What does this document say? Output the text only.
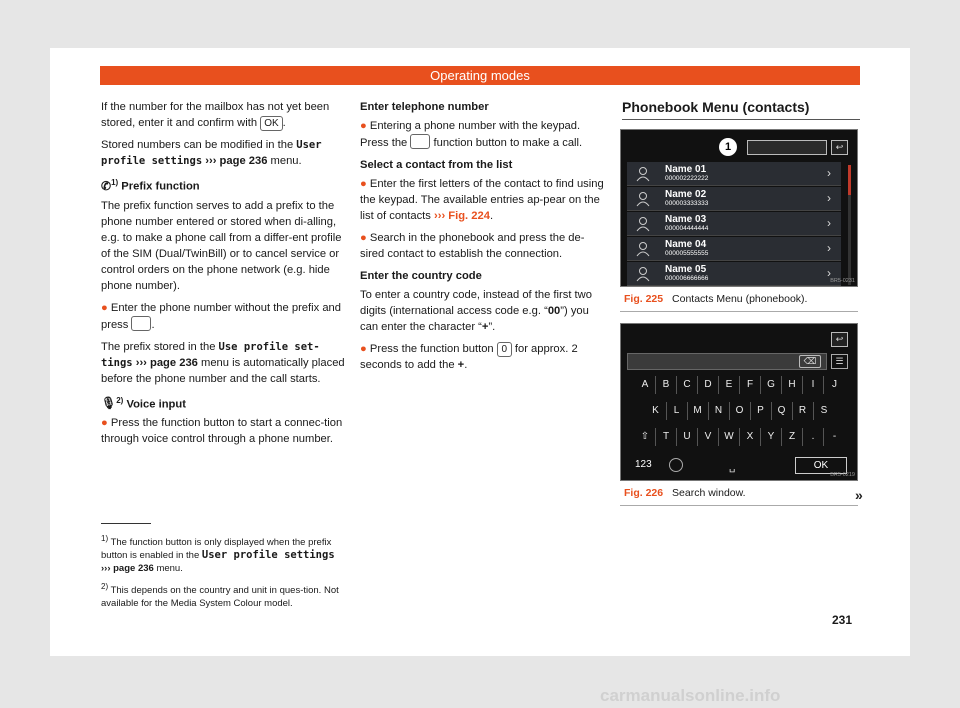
Operating modes

If the number for the mailbox has not yet been stored, enter it and confirm with OK .

Stored numbers can be modified in the User profile settings ››› page 236 menu.

✆$^{1)}$ Prefix function

The prefix function serves to add a prefix to the phone number entered or stored when di-alling, e.g. to make a phone call from a differ-ent profile of the SIM (Dual/TwinBill) or to cancel service or control orders on the phone network (e.g. hide phone number).

● Enter the phone number without the prefix and press .

The prefix stored in the Use profile set-tings ››› page 236 menu is automatically placed before the phone number and the call starts.

🎙$^{2)}$ Voice input

● Press the function button to start a connec-tion through voice control through a phone number.

$^{1)}$ The function button is only displayed when the prefix button is enabled in the User profile settings ››› page 236 menu.
$^{2)}$ This depends on the country and unit in ques-tion. Not available for the Media System Colour model.

Enter telephone number

● Entering a phone number with the keypad. Press the function button to make a call.

Select a contact from the list

● Enter the first letters of the contact to find using the keypad. The available entries ap-pear on the list of contacts ››› Fig. 224.

● Search in the phonebook and press the de-sired contact to establish the connection.

Enter the country code

To enter a country code, instead of the first two digits (international access code e.g. “00”) you can enter the character “+”.

● Press the function button 0 for approx. 2 seconds to add the +.

Phonebook Menu (contacts)
1	↩
Name 01
000002222222	›
Name 02
000003333333	›
Name 03
000004444444	›
Name 04
000005555555	›
Name 05
000006666666	›
BR5-0231
Fig. 225 Contacts Menu (phonebook).
↩
⌫	☰
A	B	C	D	E	F	G	H	I	J
K	L	M	N	O	P	Q	R	S
⇧	T	U	V	W	X	Y	Z	.	-
123	␣	OK
BR5-0219
Fig. 226 Search window.	»
231
carmanualsonline.info
